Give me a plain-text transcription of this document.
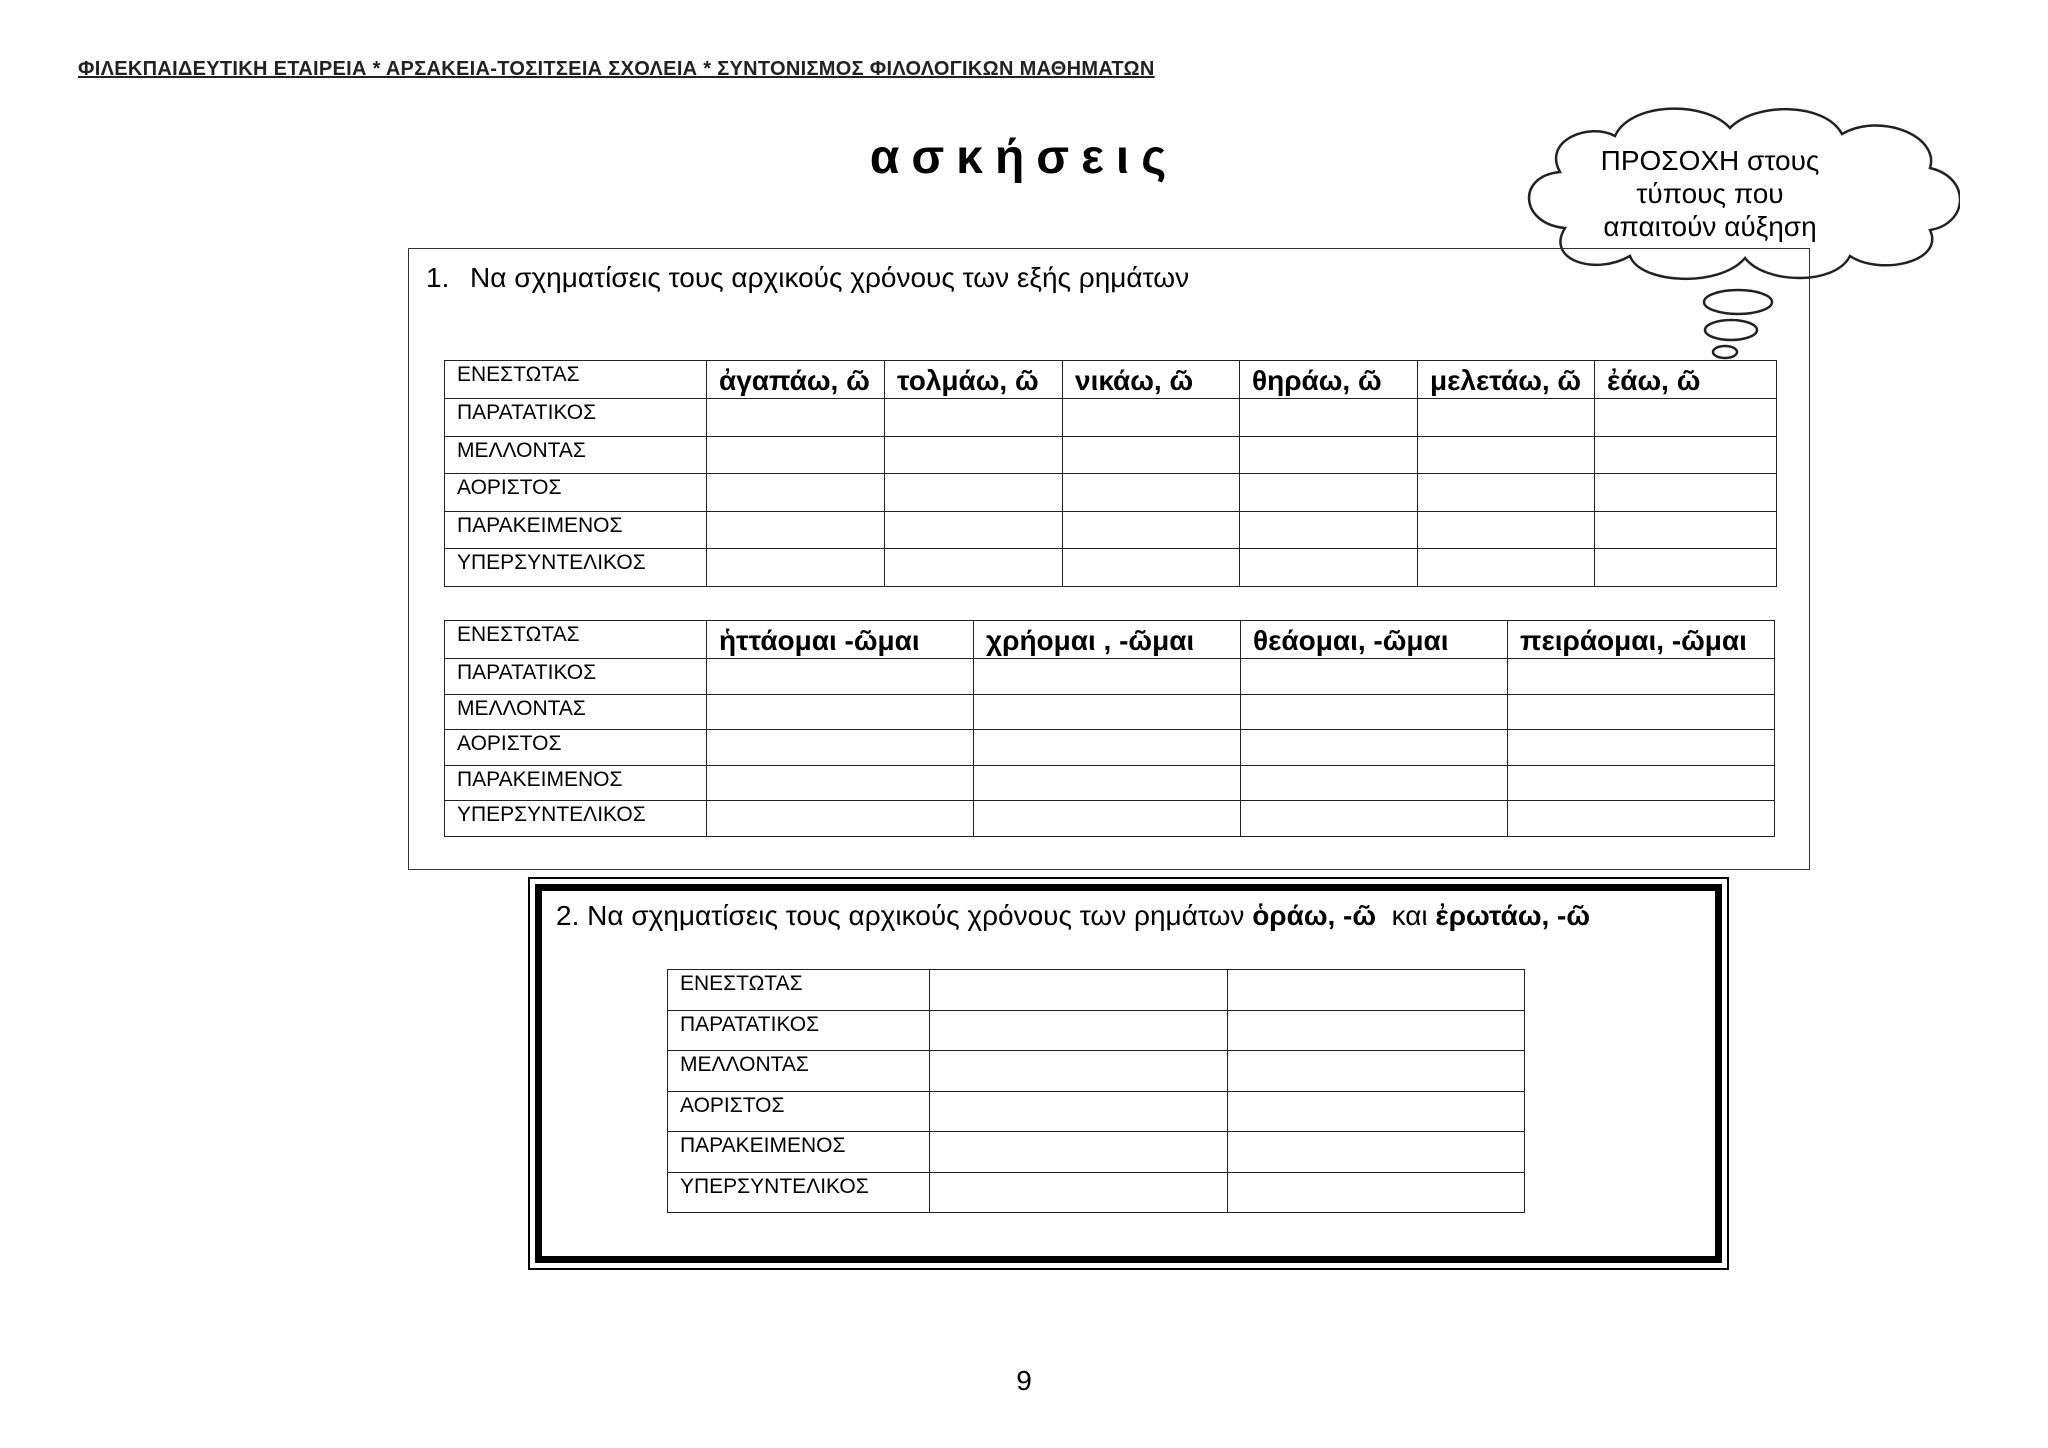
ΦΙΛΕΚΠΑΙΔΕΥΤΙΚΗ ΕΤΑΙΡΕΙΑ * ΑΡΣΑΚΕΙΑ-ΤΟΣΙΤΣΕΙΑ ΣΧΟΛΕΙΑ * ΣΥΝΤΟΝΙΣΜΟΣ ΦΙΛΟΛΟΓΙΚΩΝ ΜΑΘΗΜΑΤΩΝ
ασκήσεις	ΠΡΟΣΟΧΗ στους
τύπους που
απαιτούν αύξηση
1. Να σχηματίσεις τους αρχικούς χρόνους των εξής ρημάτων
ΕΝΕΣΤΩΤΑΣ	ἀγαπάω, ῶ	τολμάω, ῶ	νικάω, ῶ	θηράω, ῶ	μελετάω, ῶ	ἐάω, ῶ
ΠΑΡΑΤΑΤΙΚΟΣ						
ΜΕΛΛΟΝΤΑΣ						
ΑΟΡΙΣΤΟΣ						
ΠΑΡΑΚΕΙΜΕΝΟΣ						
ΥΠΕΡΣΥΝΤΕΛΙΚΟΣ						
ΕΝΕΣΤΩΤΑΣ	ἡττάομαι -ῶμαι	χρήομαι , -ῶμαι	θεάομαι, -ῶμαι	πειράομαι, -ῶμαι
ΠΑΡΑΤΑΤΙΚΟΣ				
ΜΕΛΛΟΝΤΑΣ				
ΑΟΡΙΣΤΟΣ				
ΠΑΡΑΚΕΙΜΕΝΟΣ				
ΥΠΕΡΣΥΝΤΕΛΙΚΟΣ				
2. Να σχηματίσεις τους αρχικούς χρόνους των ρημάτων ὁράω, -ῶ  και ἐρωτάω, -ῶ
ΕΝΕΣΤΩΤΑΣ		
ΠΑΡΑΤΑΤΙΚΟΣ		
ΜΕΛΛΟΝΤΑΣ		
ΑΟΡΙΣΤΟΣ		
ΠΑΡΑΚΕΙΜΕΝΟΣ		
ΥΠΕΡΣΥΝΤΕΛΙΚΟΣ		
9
